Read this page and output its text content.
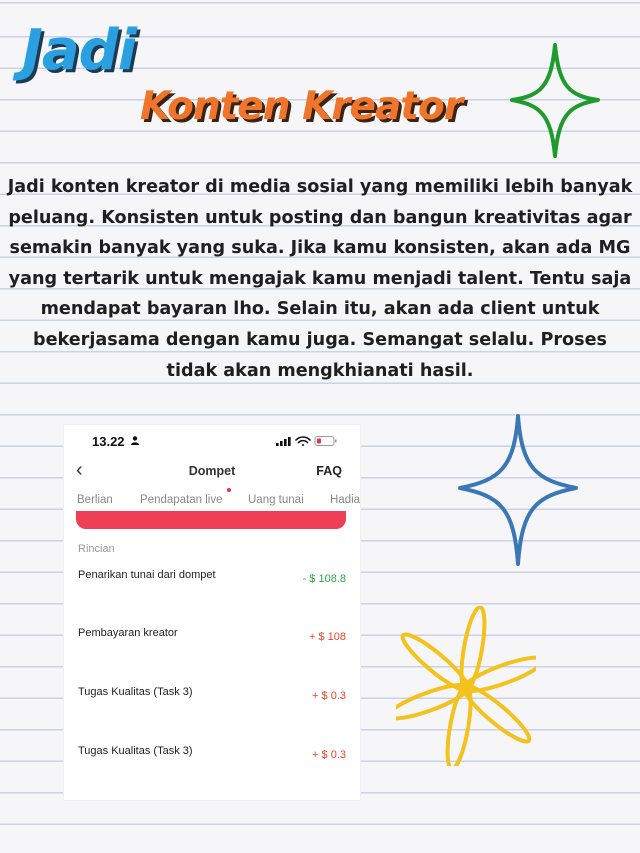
Jadi
Konten Kreator

Jadi konten kreator di media sosial yang memiliki lebih banyak peluang. Konsisten untuk posting dan bangun kreativitas agar semakin banyak yang suka. Jika kamu konsisten, akan ada MG yang tertarik untuk mengajak kamu menjadi talent. Tentu saja mendapat bayaran lho. Selain itu, akan ada client untuk bekerjasama dengan kamu juga. Semangat selalu. Proses tidak akan mengkhianati hasil.

13.22
‹	Dompet	FAQ
Berlian Pendapatan live Uang tunai Hadia
Rincian
Penarikan tunai dari dompet	- $ 108.8
Pembayaran kreator	+ $ 108
Tugas Kualitas (Task 3)	+ $ 0.3
Tugas Kualitas (Task 3)	+ $ 0.3
